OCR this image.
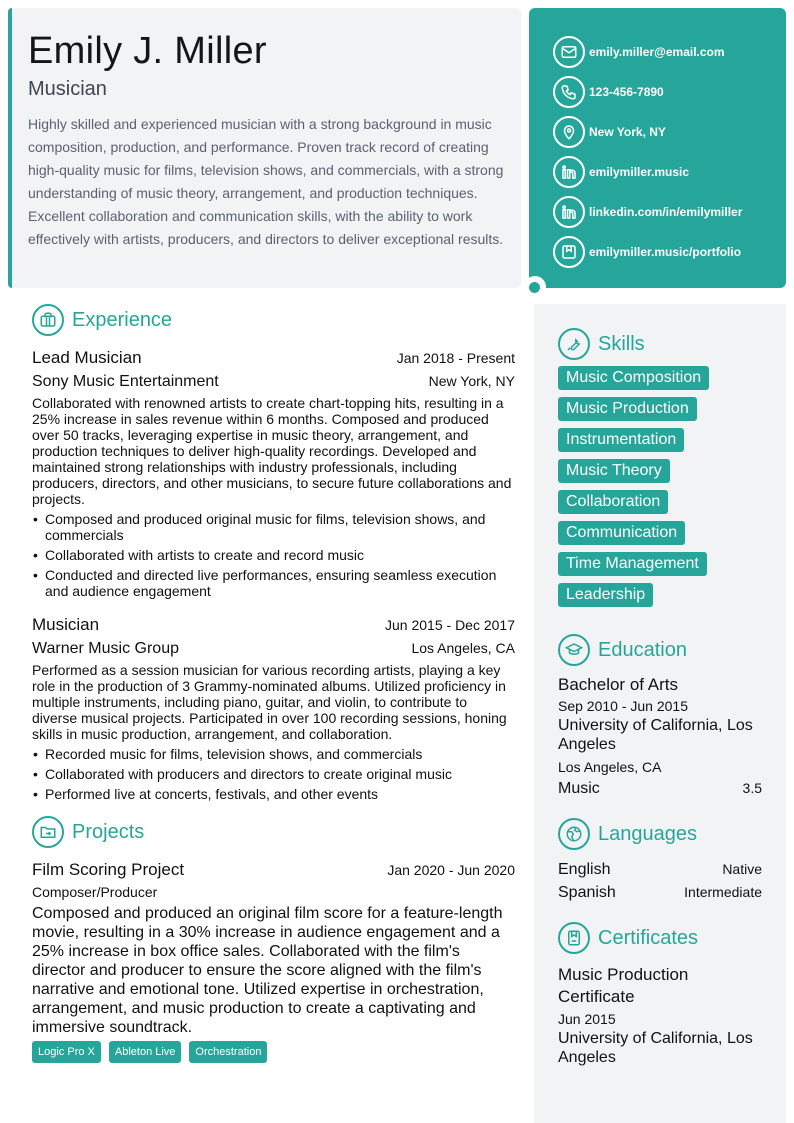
Emily J. Miller
Musician
Highly skilled and experienced musician with a strong background in music composition, production, and performance. Proven track record of creating high-quality music for films, television shows, and commercials, with a strong understanding of music theory, arrangement, and production techniques. Excellent collaboration and communication skills, with the ability to work effectively with artists, producers, and directors to deliver exceptional results.
emily.miller@email.com
123-456-7890
New York, NY
emilymiller.music
linkedin.com/in/emilymiller
emilymiller.music/portfolio
Experience
Lead Musician	Jan 2018 - Present
Sony Music Entertainment	New York, NY
Collaborated with renowned artists to create chart-topping hits, resulting in a 25% increase in sales revenue within 6 months. Composed and produced over 50 tracks, leveraging expertise in music theory, arrangement, and production techniques to deliver high-quality recordings. Developed and maintained strong relationships with industry professionals, including producers, directors, and other musicians, to secure future collaborations and projects.
• Composed and produced original music for films, television shows, and commercials
• Collaborated with artists to create and record music
• Conducted and directed live performances, ensuring seamless execution and audience engagement
Musician	Jun 2015 - Dec 2017
Warner Music Group	Los Angeles, CA
Performed as a session musician for various recording artists, playing a key role in the production of 3 Grammy-nominated albums. Utilized proficiency in multiple instruments, including piano, guitar, and violin, to contribute to diverse musical projects. Participated in over 100 recording sessions, honing skills in music production, arrangement, and collaboration.
• Recorded music for films, television shows, and commercials
• Collaborated with producers and directors to create original music
• Performed live at concerts, festivals, and other events
Projects
Film Scoring Project	Jan 2020 - Jun 2020
Composer/Producer
Composed and produced an original film score for a feature-length movie, resulting in a 30% increase in audience engagement and a 25% increase in box office sales. Collaborated with the film's director and producer to ensure the score aligned with the film's narrative and emotional tone. Utilized expertise in orchestration, arrangement, and music production to create a captivating and immersive soundtrack.
Logic Pro X	Ableton Live	Orchestration
Skills
Music Composition
Music Production
Instrumentation
Music Theory
Collaboration
Communication
Time Management
Leadership
Education
Bachelor of Arts
Sep 2010 - Jun 2015
University of California, Los Angeles
Los Angeles, CA
Music	3.5
Languages
English	Native
Spanish	Intermediate
Certificates
Music Production Certificate
Jun 2015
University of California, Los Angeles
